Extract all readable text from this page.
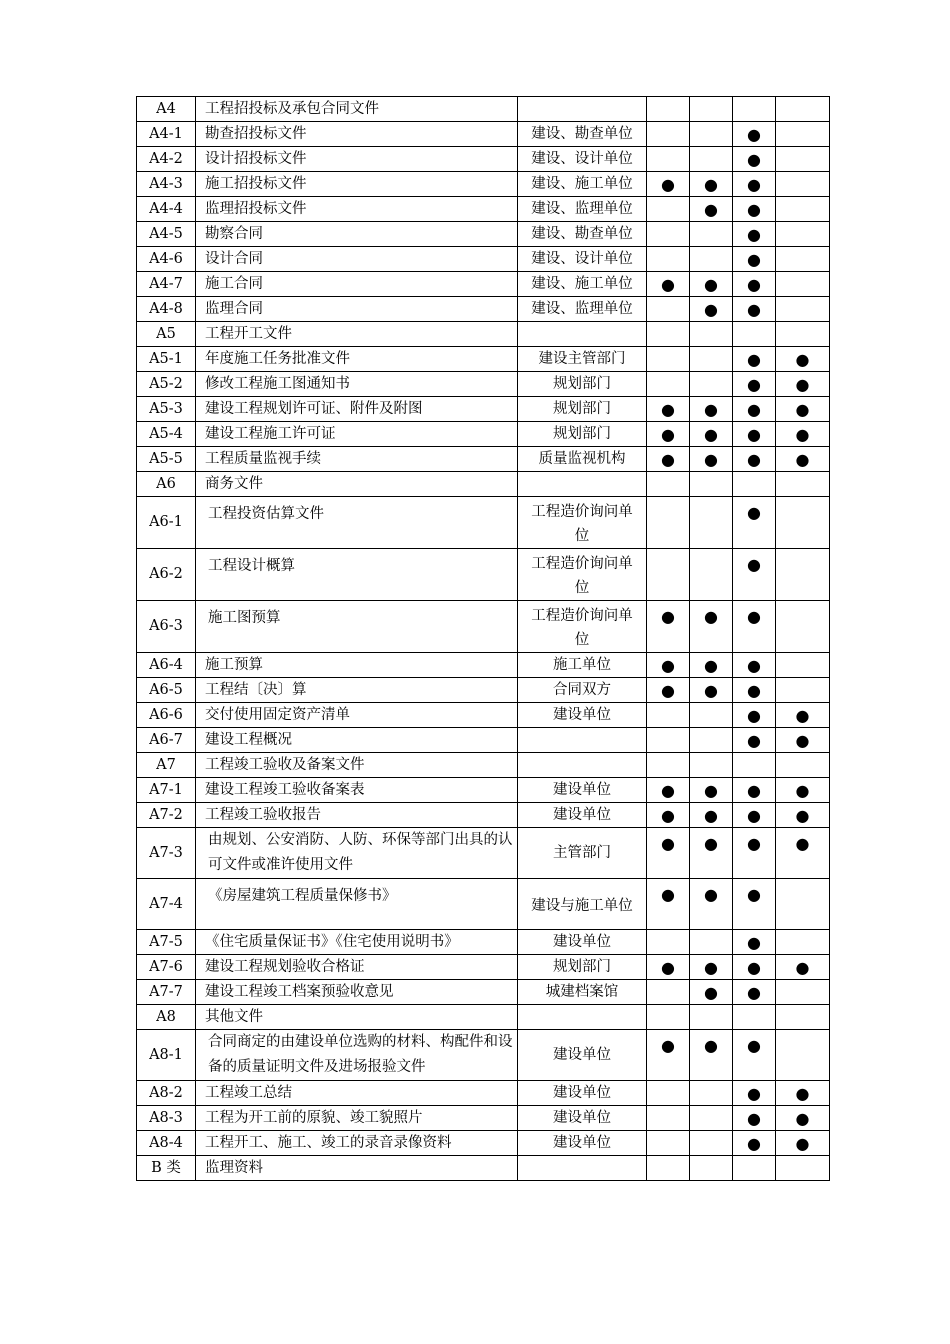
A4	工程招投标及承包合同文件					
A4-1	勘查招投标文件	建设、勘查单位			●	
A4-2	设计招投标文件	建设、设计单位			●	
A4-3	施工招投标文件	建设、施工单位	●	●	●	
A4-4	监理招投标文件	建设、监理单位		●	●	
A4-5	勘察合同	建设、勘查单位			●	
A4-6	设计合同	建设、设计单位			●	
A4-7	施工合同	建设、施工单位	●	●	●	
A4-8	监理合同	建设、监理单位		●	●	
A5	工程开工文件					
A5-1	年度施工任务批准文件	建设主管部门			●	●
A5-2	修改工程施工图通知书	规划部门			●	●
A5-3	建设工程规划许可证、附件及附图	规划部门	●	●	●	●
A5-4	建设工程施工许可证	规划部门	●	●	●	●
A5-5	工程质量监视手续	质量监视机构	●	●	●	●
A6	商务文件					
A6-1	工程投资估算文件	工程造价询问单位			●	
A6-2	工程设计概算	工程造价询问单位			●	
A6-3	施工图预算	工程造价询问单位	●	●	●	
A6-4	施工预算	施工单位	●	●	●	
A6-5	工程结〔决〕算	合同双方	●	●	●	
A6-6	交付使用固定资产清单	建设单位			●	●
A6-7	建设工程概况				●	●
A7	工程竣工验收及备案文件					
A7-1	建设工程竣工验收备案表	建设单位	●	●	●	●
A7-2	工程竣工验收报告	建设单位	●	●	●	●
A7-3	由规划、公安消防、人防、环保等部门出具的认可文件或准许使用文件	主管部门	●	●	●	●
A7-4	《房屋建筑工程质量保修书》	建设与施工单位	●	●	●	
A7-5	《住宅质量保证书》《住宅使用说明书》	建设单位			●	
A7-6	建设工程规划验收合格证	规划部门	●	●	●	●
A7-7	建设工程竣工档案预验收意见	城建档案馆		●	●	
A8	其他文件					
A8-1	合同商定的由建设单位选购的材料、构配件和设备的质量证明文件及进场报验文件	建设单位	●	●	●	
A8-2	工程竣工总结	建设单位			●	●
A8-3	工程为开工前的原貌、竣工貌照片	建设单位			●	●
A8-4	工程开工、施工、竣工的录音录像资料	建设单位			●	●
B 类	监理资料					
